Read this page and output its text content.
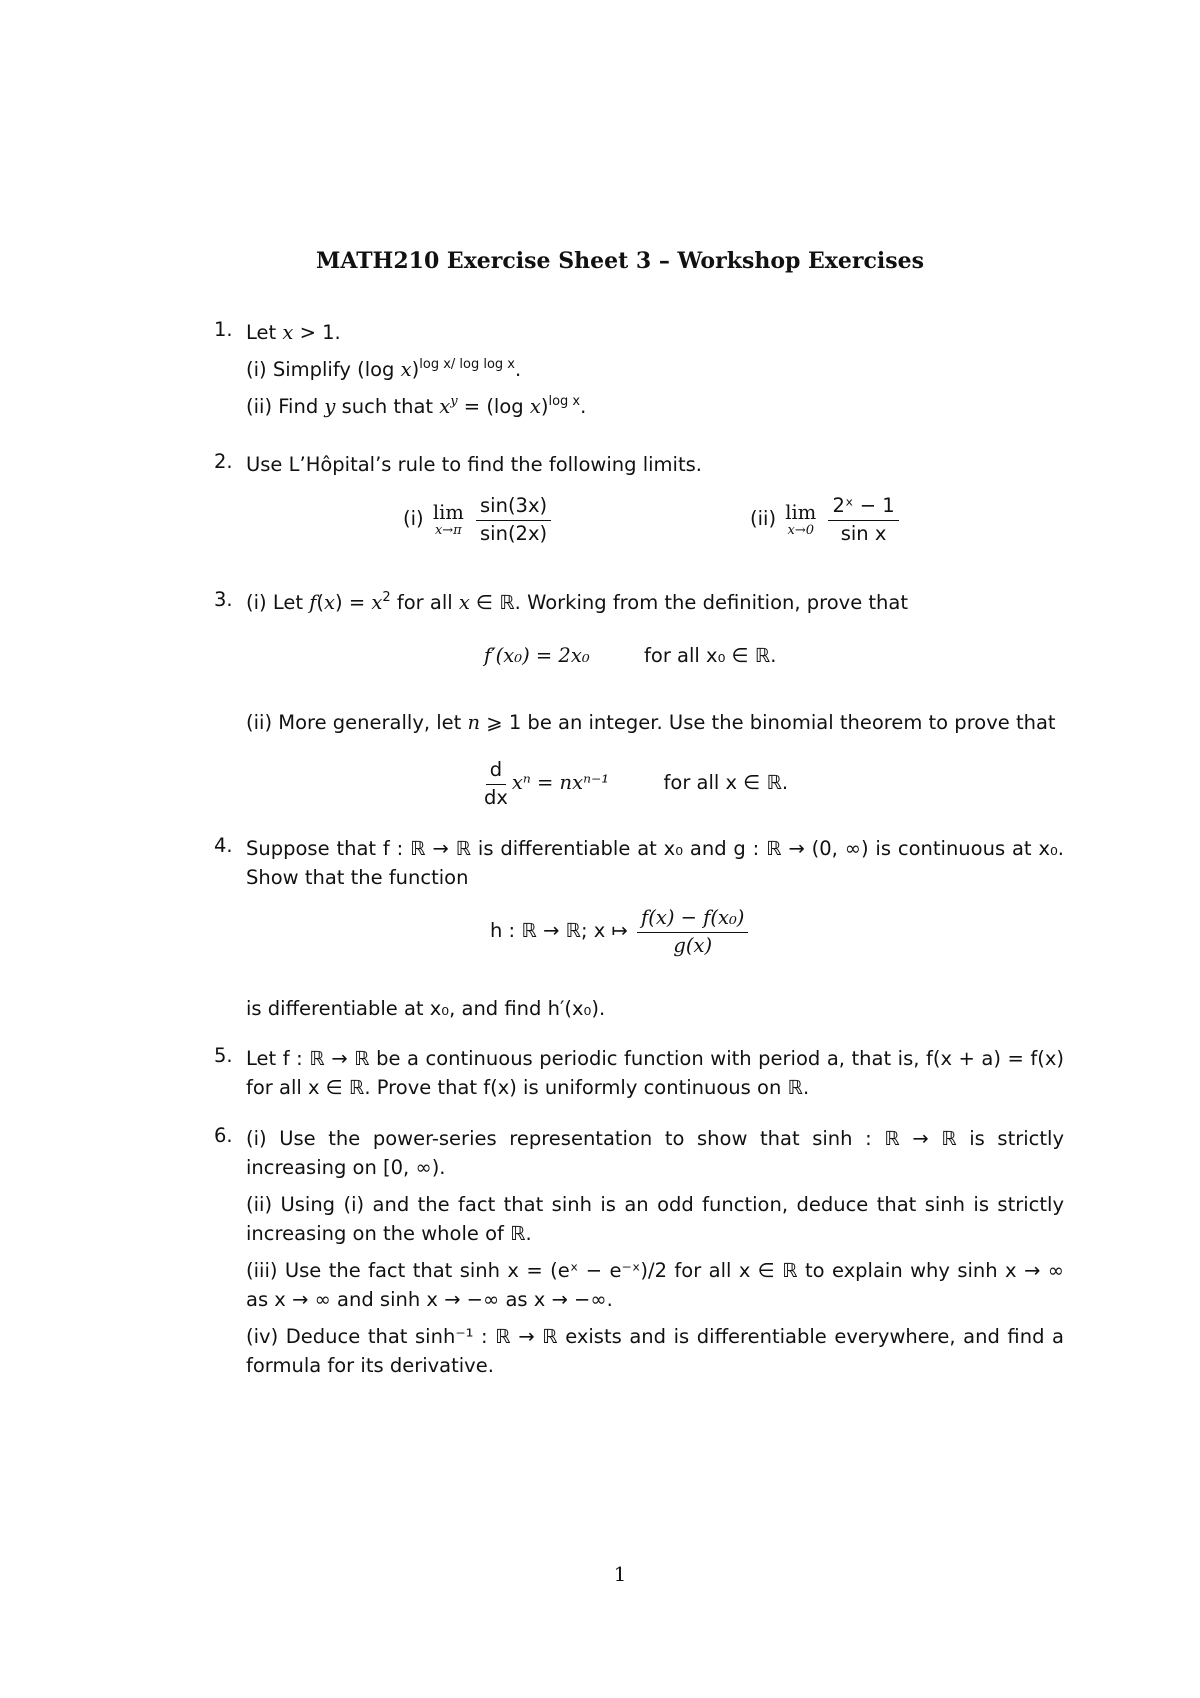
MATH210 Exercise Sheet 3 – Workshop Exercises
1. Let x > 1.

(i) Simplify (log x)$^{log x/ log log x}$.

(ii) Find y such that $x^y = (\log$ x)$^{log x}$.

2. Use L’Hôpital’s rule to find the following limits.

(i) lim
x→π
$\frac{\sin(3x)}{\sin(2x)}$	(ii) lim
x→0
$\frac{\text{2ˣ − 1}}{\text{sin x}}$
3. (i) Let $f(x) = x^2$ for all x ∈ ℝ. Working from the definition, prove that

f′(x₀) = 2x₀	for all x₀ ∈ ℝ.

(ii) More generally, let n ⩾ 1 be an integer. Use the binomial theorem to prove that

$\frac{d}{dx}$ xⁿ = nxⁿ⁻¹	for all x ∈ ℝ.
4. Suppose that f : ℝ → ℝ is differentiable at x₀ and g : ℝ → (0, ∞) is continuous at x₀. Show that the function

h : ℝ → ℝ; x ↦ $\frac{\text{f(x) − f(x₀)}}{g(x)}$

is differentiable at x₀, and find h′(x₀).

5. Let f : ℝ → ℝ be a continuous periodic function with period a, that is, f(x + a) = f(x) for all x ∈ ℝ. Prove that f(x) is uniformly continuous on ℝ.

6. (i) Use the power-series representation to show that sinh : ℝ → ℝ is strictly increasing on [0, ∞).

(ii) Using (i) and the fact that sinh is an odd function, deduce that sinh is strictly increasing on the whole of ℝ.

(iii) Use the fact that sinh x = (eˣ − e⁻ˣ)/2 for all x ∈ ℝ to explain why sinh x → ∞ as x → ∞ and sinh x → −∞ as x → −∞.

(iv) Deduce that sinh⁻¹ : ℝ → ℝ exists and is differentiable everywhere, and find a formula for its derivative.

1
